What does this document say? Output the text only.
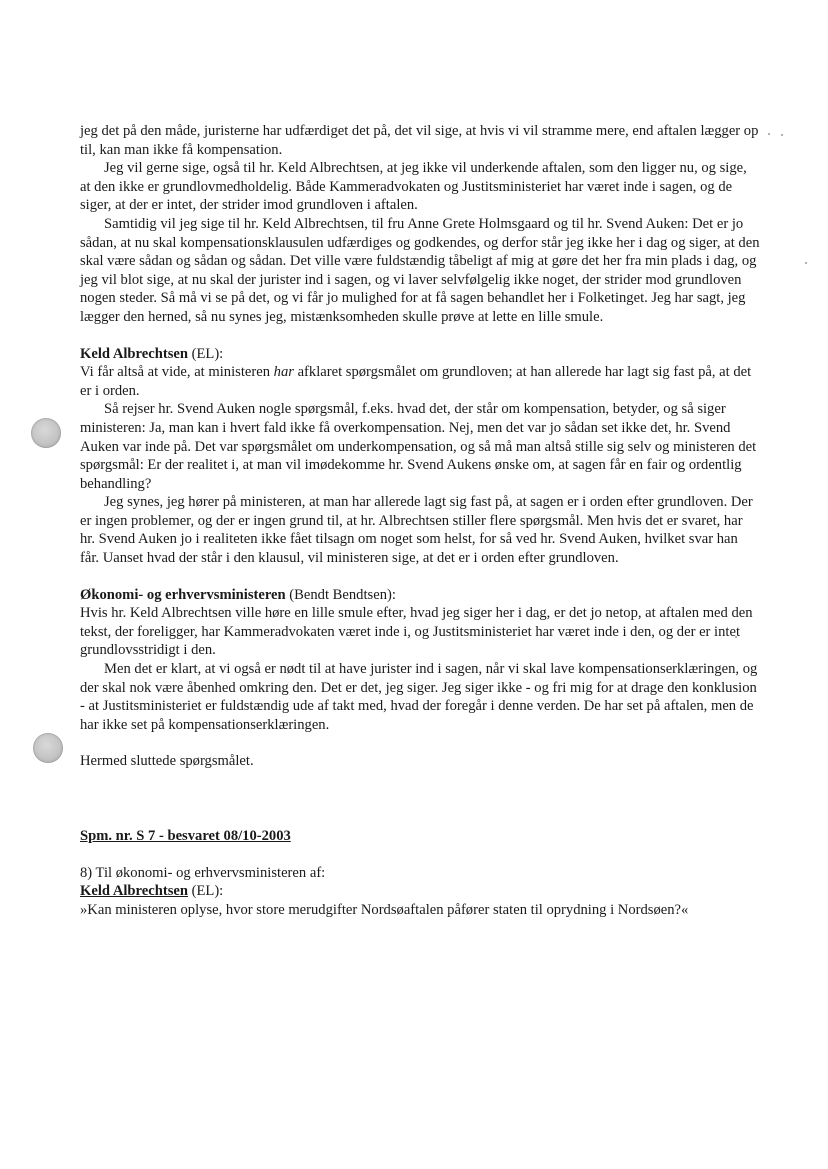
jeg det på den måde, juristerne har udfærdiget det på, det vil sige, at hvis vi vil stramme mere, end aftalen lægger op til, kan man ikke få kompensation.

Jeg vil gerne sige, også til hr. Keld Albrechtsen, at jeg ikke vil underkende aftalen, som den ligger nu, og sige, at den ikke er grundlovmedholdelig. Både Kammeradvokaten og Justitsministeriet har været inde i sagen, og de siger, at der er intet, der strider imod grundloven i aftalen.

Samtidig vil jeg sige til hr. Keld Albrechtsen, til fru Anne Grete Holmsgaard og til hr. Svend Auken: Det er jo sådan, at nu skal kompensationsklausulen udfærdiges og godkendes, og derfor står jeg ikke her i dag og siger, at den skal være sådan og sådan og sådan. Det ville være fuldstændig tåbeligt af mig at gøre det her fra min plads i dag, og jeg vil blot sige, at nu skal der jurister ind i sagen, og vi laver selvfølgelig ikke noget, der strider mod grundloven nogen steder. Så må vi se på det, og vi får jo mulighed for at få sagen behandlet her i Folketinget. Jeg har sagt, jeg lægger den herned, så nu synes jeg, mistænksomheden skulle prøve at lette en lille smule.

Keld Albrechtsen (EL):

Vi får altså at vide, at ministeren har afklaret spørgsmålet om grundloven; at han allerede har lagt sig fast på, at det er i orden.

Så rejser hr. Svend Auken nogle spørgsmål, f.eks. hvad det, der står om kompensation, betyder, og så siger ministeren: Ja, man kan i hvert fald ikke få overkompensation. Nej, men det var jo sådan set ikke det, hr. Svend Auken var inde på. Det var spørgsmålet om underkompensation, og så må man altså stille sig selv og ministeren det spørgsmål: Er der realitet i, at man vil imødekomme hr. Svend Aukens ønske om, at sagen får en fair og ordentlig behandling?

Jeg synes, jeg hører på ministeren, at man har allerede lagt sig fast på, at sagen er i orden efter grundloven. Der er ingen problemer, og der er ingen grund til, at hr. Albrechtsen stiller flere spørgsmål. Men hvis det er svaret, har hr. Svend Auken jo i realiteten ikke fået tilsagn om noget som helst, for så ved hr. Svend Auken, hvilket svar han får. Uanset hvad der står i den klausul, vil ministeren sige, at det er i orden efter grundloven.

Økonomi- og erhvervsministeren (Bendt Bendtsen):

Hvis hr. Keld Albrechtsen ville høre en lille smule efter, hvad jeg siger her i dag, er det jo netop, at aftalen med den tekst, der foreligger, har Kammeradvokaten været inde i, og Justitsministeriet har været inde i den, og der er intet grundlovsstridigt i den.

Men det er klart, at vi også er nødt til at have jurister ind i sagen, når vi skal lave kompensationserklæringen, og der skal nok være åbenhed omkring den. Det er det, jeg siger. Jeg siger ikke - og fri mig for at drage den konklusion - at Justitsministeriet er fuldstændig ude af takt med, hvad der foregår i denne verden. De har set på aftalen, men de har ikke set på kompensationserklæringen.

Hermed sluttede spørgsmålet.

Spm. nr. S 7 - besvaret 08/10-2003

8) Til økonomi- og erhvervsministeren af:

Keld Albrechtsen (EL):

»Kan ministeren oplyse, hvor store merudgifter Nordsøaftalen påfører staten til oprydning i Nordsøen?«
